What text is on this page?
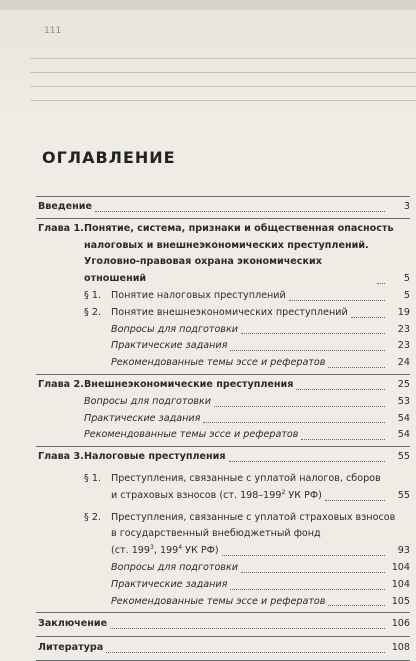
111
ОГЛАВЛЕНИЕ
Введение	3
Глава 1. Понятие, система, признаки и общественная опасность
налоговых и внешнеэкономических преступлений.
Уголовно-правовая охрана экономических отношений	5
§ 1.	Понятие налоговых преступлений	5
§ 2.	Понятие внешнеэкономических преступлений	19
Вопросы для подготовки	23
Практические задания	23
Рекомендованные темы эссе и рефератов	24
Глава 2. Внешнеэкономические преступления	25
Вопросы для подготовки	53
Практические задания	54
Рекомендованные темы эссе и рефератов	54
Глава 3. Налоговые преступления	55
§ 1.	Преступления, связанные с уплатой налогов, сборов
и страховых взносов (ст. $198-199^2$ УК РФ)	55
§ 2.	Преступления, связанные с уплатой страховых взносов
в государственный внебюджетный фонд
(ст. $199^3$, $199^4$ УК РФ)	93
Вопросы для подготовки	104
Практические задания	104
Рекомендованные темы эссе и рефератов	105
Заключение	106
Литература	108
